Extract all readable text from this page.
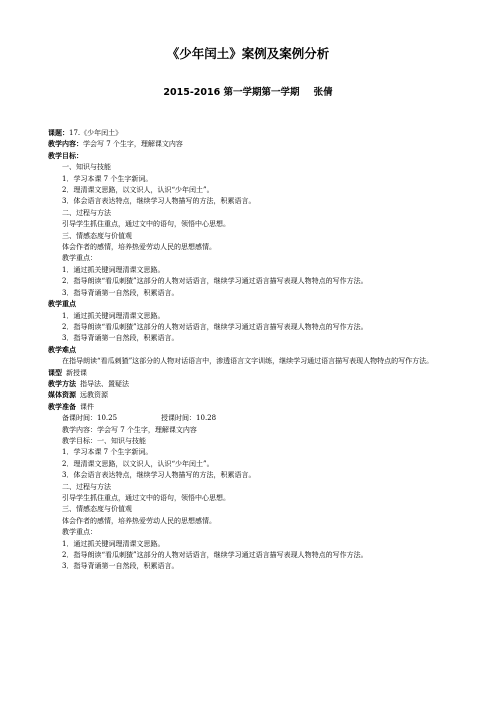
《少年闰土》案例及案例分析
2015-2016 第一学期第一学期 张倩
课题：17.《少年闰土》
教学内容：学会写 7 个生字，理解课文内容
教学目标：
一、知识与技能
1．学习本课 7 个生字新词。
2．理清课文思路，以文识人，认识“少年闰土”。
3．体会语言表达特点，继续学习人物描写的方法，积累语言。
二、过程与方法
引导学生抓住重点，通过文中的语句，领悟中心思想。
三、情感态度与价值观
体会作者的感情，培养热爱劳动人民的思想感情。
教学重点：
1．通过抓关键词理清课文思路。
2．指导朗读“看瓜刺猹”这部分的人物对话语言，继续学习通过语言描写表现人物特点的写作方法。
3．指导背诵第一自然段，积累语言。
教学重点
1．通过抓关键词理清课文思路。
2．指导朗读“看瓜刺猹”这部分的人物对话语言，继续学习通过语言描写表现人物特点的写作方法。
3．指导背诵第一自然段，积累语言。
教学难点
在指导朗读“看瓜刺猹”这部分的人物对话语言中，渗透语言文字训练，继续学习通过语言描写表现人物特点的写作方法。
课型 新授课
教学方法 指导法、置疑法
媒体资源 远教资源
教学准备 课件
备课时间：10.25	授课时间：10.28
教学内容：学会写 7 个生字，理解课文内容
教学目标：一、知识与技能
1．学习本课 7 个生字新词。
2．理清课文思路，以文识人，认识“少年闰土”。
3．体会语言表达特点，继续学习人物描写的方法，积累语言。
二、过程与方法
引导学生抓住重点，通过文中的语句，领悟中心思想。
三、情感态度与价值观
体会作者的感情，培养热爱劳动人民的思想感情。
教学重点：
1．通过抓关键词理清课文思路。
2．指导朗读“看瓜刺猹”这部分的人物对话语言，继续学习通过语言描写表现人物特点的写作方法。
3．指导背诵第一自然段，积累语言。
